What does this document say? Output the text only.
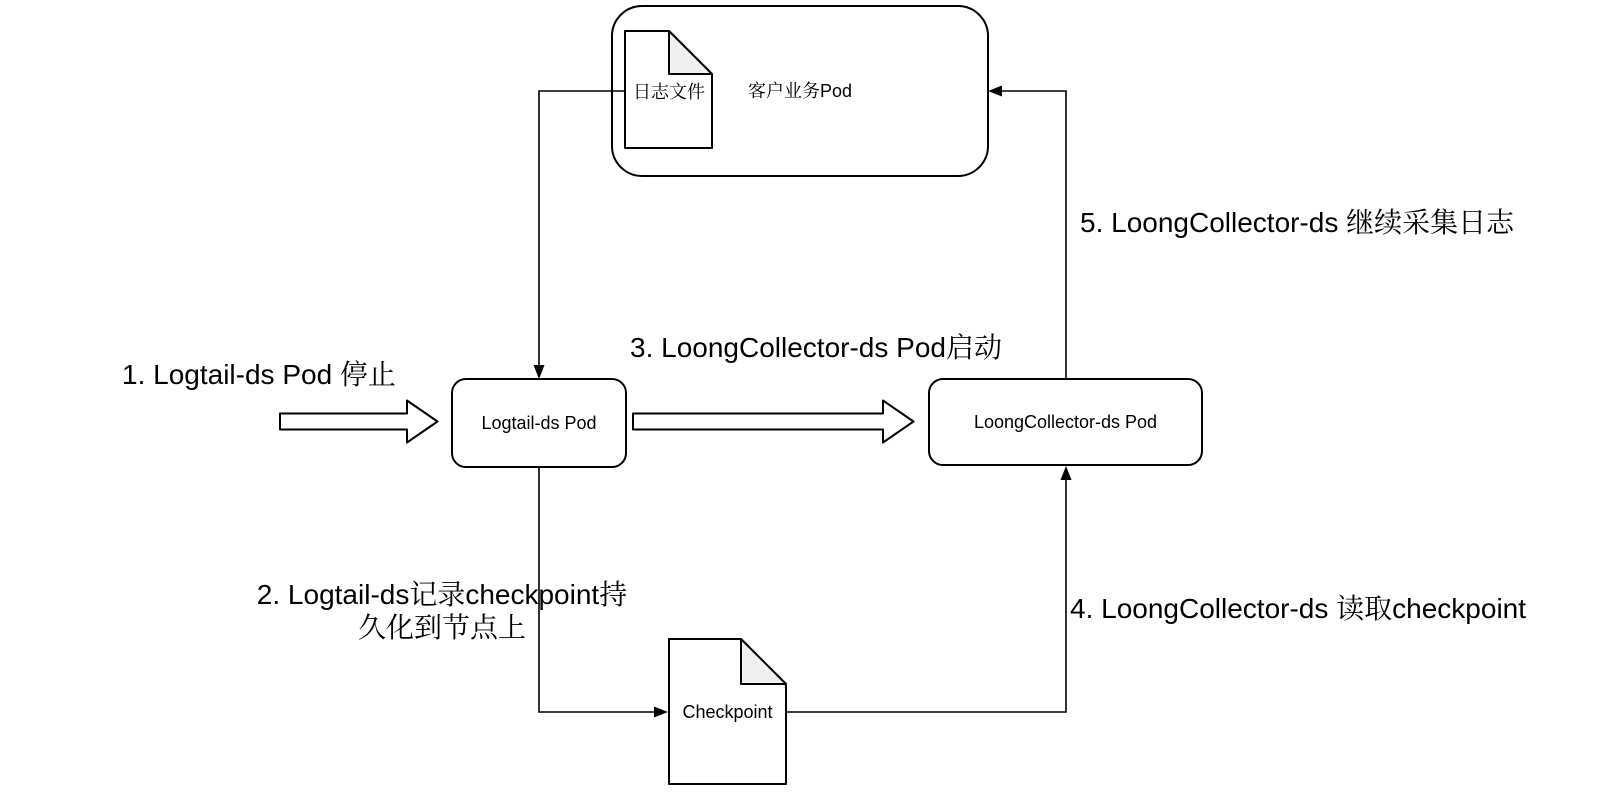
客户业务Pod
日志文件
Logtail-ds Pod	LoongCollector-ds Pod
Checkpoint
1. Logtail-ds Pod 停止
2. Logtail-ds记录checkpoint持
久化到节点上
3. LoongCollector-ds Pod启动
4. LoongCollector-ds 读取checkpoint
5. LoongCollector-ds 继续采集日志
